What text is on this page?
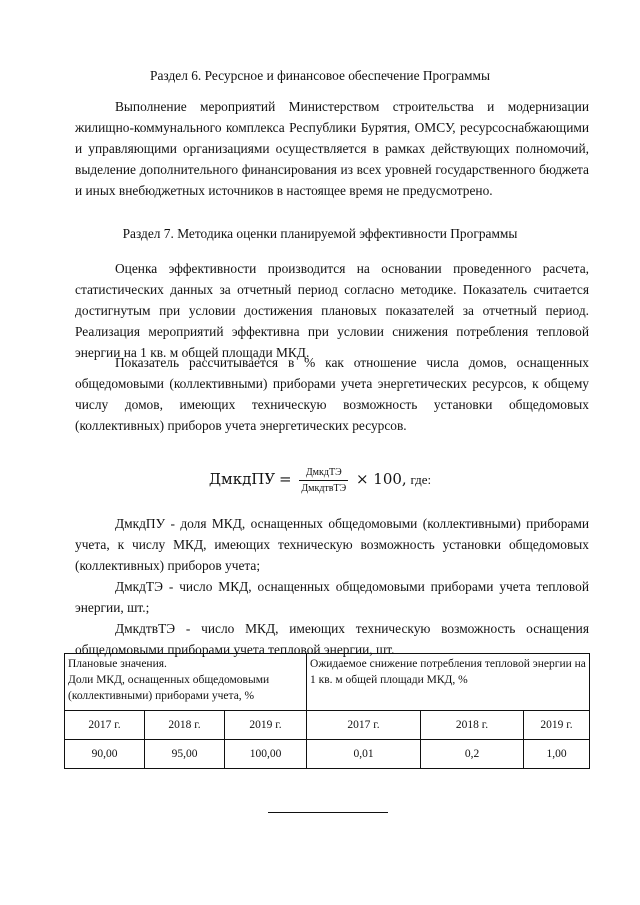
Раздел 6. Ресурсное и финансовое обеспечение Программы
Выполнение мероприятий Министерством строительства и модернизации жилищно-коммунального комплекса Республики Бурятия, ОМСУ, ресурсоснабжающими и управляющими организациями осуществляется в рамках действующих полномочий, выделение дополнительного финансирования из всех уровней государственного бюджета и иных внебюджетных источников в настоящее время не предусмотрено.
Раздел 7. Методика оценки планируемой эффективности Программы
Оценка эффективности производится на основании проведенного расчета, статистических данных за отчетный период согласно методике. Показатель считается достигнутым при условии достижения плановых показателей за отчетный период. Реализация мероприятий эффективна при условии снижения потребления тепловой энергии на 1 кв. м общей площади МКД.
Показатель рассчитывается в % как отношение числа домов, оснащенных общедомовыми (коллективными) приборами учета энергетических ресурсов, к общему числу домов, имеющих техническую возможность установки общедомовых (коллективных) приборов учета энергетических ресурсов.
ДмкдПУ = $\frac{\text{ДмкдТЭ}}{\text{ДмкдтвТЭ}} \times 100$, где:
ДмкдПУ - доля МКД, оснащенных общедомовыми (коллективными) приборами учета, к числу МКД, имеющих техническую возможность установки общедомовых (коллективных) приборов учета;
ДмкдТЭ - число МКД, оснащенных общедомовыми приборами учета тепловой энергии, шт.;
ДмкдтвТЭ - число МКД, имеющих техническую возможность оснащения общедомовыми приборами учета тепловой энергии, шт.
Плановые значения.
Доли МКД, оснащенных общедомовыми (коллективными) приборами учета, %			Ожидаемое снижение потребления тепловой энергии на 1 кв. м общей площади МКД, %		
2017 г.	2018 г.	2019 г.	2017 г.	2018 г.	2019 г.
90,00	95,00	100,00	0,01	0,2	1,00
